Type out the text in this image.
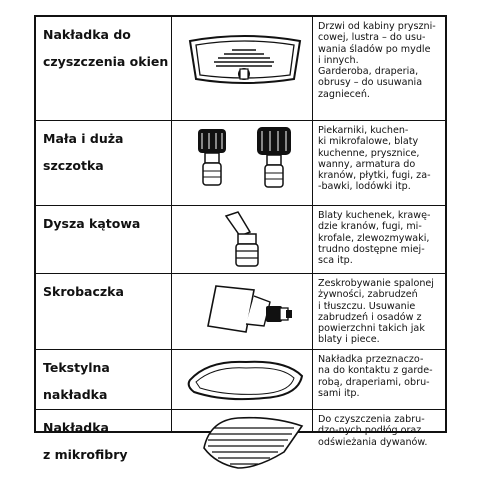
Nakładka do
czyszczenia okien
Drzwi od kabiny pryszni-
cowej, lustra – do usu-
wania śladów po mydle
i innych.
Garderoba, draperia,
obrusy – do usuwania
zagnieceń.
Mała i duża
szczotka
Piekarniki, kuchen-
ki mikrofalowe, blaty
kuchenne, prysznice,
wanny, armatura do
kranów, płytki, fugi, za-
-bawki, lodówki itp.
Dysza kątowa
Blaty kuchenek, krawę-
dzie kranów, fugi, mi-
krofale, zlewozmywaki,
trudno dostępne miej-
sca itp.
Skrobaczka
Zeskrobywanie spalonej
żywności, zabrudzeń
i tłuszczu. Usuwanie
zabrudzeń i osadów z
powierzchni takich jak
blaty i piece.
Tekstylna
nakładka
Nakładka przeznaczo-
na do kontaktu z garde-
robą, draperiami, obru-
sami itp.
Nakładka
z mikrofibry
Do czyszczenia zabru-
dzo-nych podłóg oraz
odświeżania dywanów.
